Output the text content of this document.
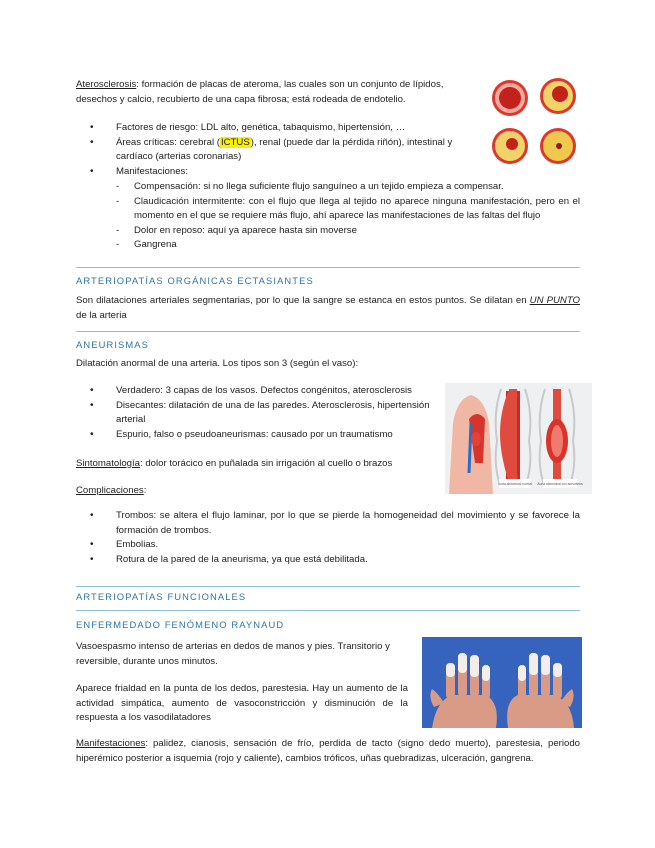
Aterosclerosis: formación de placas de ateroma, las cuales son un conjunto de lípidos, desechos y calcio, recubierto de una capa fibrosa; está rodeada de endotelio.
• Factores de riesgo: LDL alto, genética, tabaquismo, hipertensión, …
• Áreas críticas: cerebral (ICTUS), renal (puede dar la pérdida riñón), intestinal y cardíaco (arterias coronarias)
• Manifestaciones:
- Compensación: si no llega suficiente flujo sanguíneo a un tejido empieza a compensar.
- Claudicación intermitente: con el flujo que llega al tejido no aparece ninguna manifestación, pero en el momento en el que se requiere más flujo, ahí aparece las manifestaciones de las faltas del flujo
- Dolor en reposo: aquí ya aparece hasta sin moverse
- Gangrena
ARTERIOPATÍAS ORGÁNICAS ECTASIANTES
Son dilataciones arteriales segmentarias, por lo que la sangre se estanca en estos puntos. Se dilatan en UN PUNTO de la arteria
ANEURISMAS
Dilatación anormal de una arteria. Los tipos son 3 (según el vaso):
• Verdadero: 3 capas de los vasos. Defectos congénitos, aterosclerosis
• Disecantes: dilatación de una de las paredes. Aterosclerosis, hipertensión arterial
• Espurio, falso o pseudoaneurismas: causado por un traumatismo
Aorta abdominal normal Aorta abdominal con aneurisma
Sintomatología: dolor torácico en puñalada sin irrigación al cuello o brazos
Complicaciones:
• Trombos: se altera el flujo laminar, por lo que se pierde la homogeneidad del movimiento y se favorece la formación de trombos.
• Embolias.
• Rotura de la pared de la aneurisma, ya que está debilitada.
ARTERIOPATÍAS FUNCIONALES
ENFERMEDADO FENÓMENO RAYNAUD
Vasoespasmo intenso de arterias en dedos de manos y pies. Transitorio y reversible, durante unos minutos.
Aparece frialdad en la punta de los dedos, parestesia. Hay un aumento de la actividad simpática, aumento de vasoconstricción y disminución de la respuesta a los vasodilatadores
Manifestaciones: palidez, cianosis, sensación de frío, perdida de tacto (signo dedo muerto), parestesia, periodo hiperémico posterior a isquemia (rojo y caliente), cambios tróficos, uñas quebradizas, ulceración, gangrena.
